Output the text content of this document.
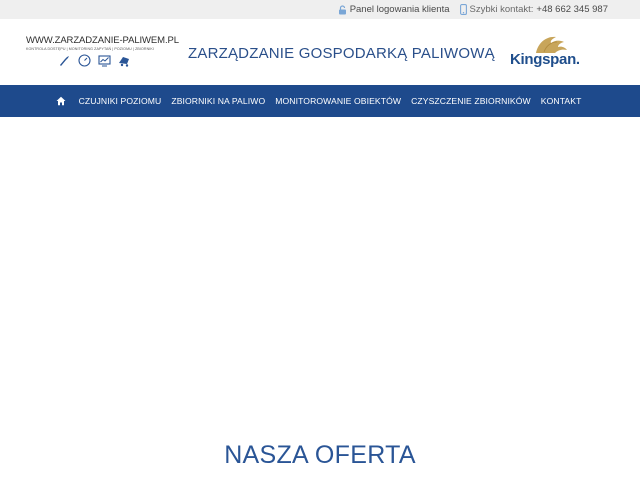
Panel logowania klienta Szybki kontakt: +48 662 345 987
WWW.ZARZADZANIE-PALIWEM.PL
KONTROLA DOSTĘPU | MONITORING ZAPYTAŃ | POZIOMU | ZBIORNIKI ZARZĄDZANIE GOSPODARKĄ PALIWOWĄ Kingspan.
CZUJNIKI POZIOMU	ZBIORNIKI NA PALIWO	MONITOROWANIE OBIEKTÓW	CZYSZCZENIE ZBIORNIKÓW	KONTAKT
NASZA OFERTA
